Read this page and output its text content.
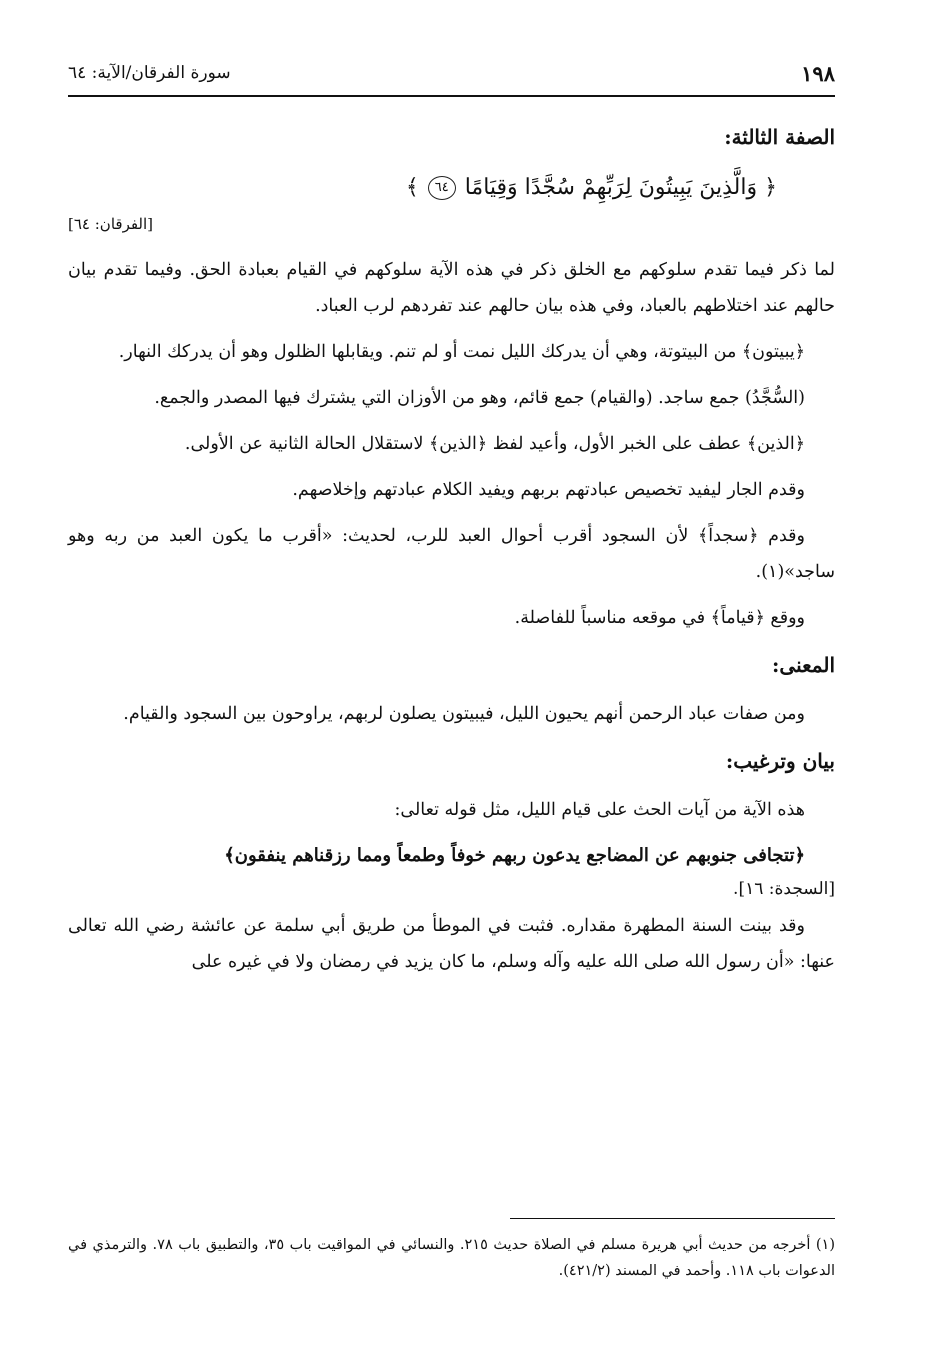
١٩٨
سورة الفرقان/الآية: ٦٤
الصفة الثالثة:

﴿ وَالَّذِينَ يَبِيتُونَ لِرَبِّهِمْ سُجَّدًا وَقِيَامًا ٦٤ ﴾

[الفرقان: ٦٤]

لما ذكر فيما تقدم سلوكهم مع الخلق ذكر في هذه الآية سلوكهم في القيام بعبادة الحق. وفيما تقدم بيان حالهم عند اختلاطهم بالعباد، وفي هذه بيان حالهم عند تفردهم لرب العباد.

﴿يبيتون﴾ من البيتوتة، وهي أن يدركك الليل نمت أو لم تنم. ويقابلها الظلول وهو أن يدركك النهار.

(السُّجَّدُ) جمع ساجد. (والقيام) جمع قائم، وهو من الأوزان التي يشترك فيها المصدر والجمع.

﴿الذين﴾ عطف على الخبر الأول، وأعيد لفظ ﴿الذين﴾ لاستقلال الحالة الثانية عن الأولى.

وقدم الجار ليفيد تخصيص عبادتهم بربهم ويفيد الكلام عبادتهم وإخلاصهم.

وقدم ﴿سجداً﴾ لأن السجود أقرب أحوال العبد للرب، لحديث: «أقرب ما يكون العبد من ربه وهو ساجد»(١).

ووقع ﴿قياماً﴾ في موقعه مناسباً للفاصلة.

المعنى:

ومن صفات عباد الرحمن أنهم يحيون الليل، فيبيتون يصلون لربهم، يراوحون بين السجود والقيام.

بيان وترغيب:

هذه الآية من آيات الحث على قيام الليل، مثل قوله تعالى:

﴿تتجافى جنوبهم عن المضاجع يدعون ربهم خوفاً وطمعاً ومما رزقناهم ينفقون﴾

[السجدة: ١٦].

وقد بينت السنة المطهرة مقداره. فثبت في الموطأ من طريق أبي سلمة عن عائشة رضي الله تعالى عنها: «أن رسول الله صلى الله عليه وآله وسلم، ما كان يزيد في رمضان ولا في غيره على

(١) أخرجه من حديث أبي هريرة مسلم في الصلاة حديث ٢١٥. والنسائي في المواقيت باب ٣٥، والتطبيق باب ٧٨. والترمذي في الدعوات باب ١١٨. وأحمد في المسند (٤٢١/٢).
